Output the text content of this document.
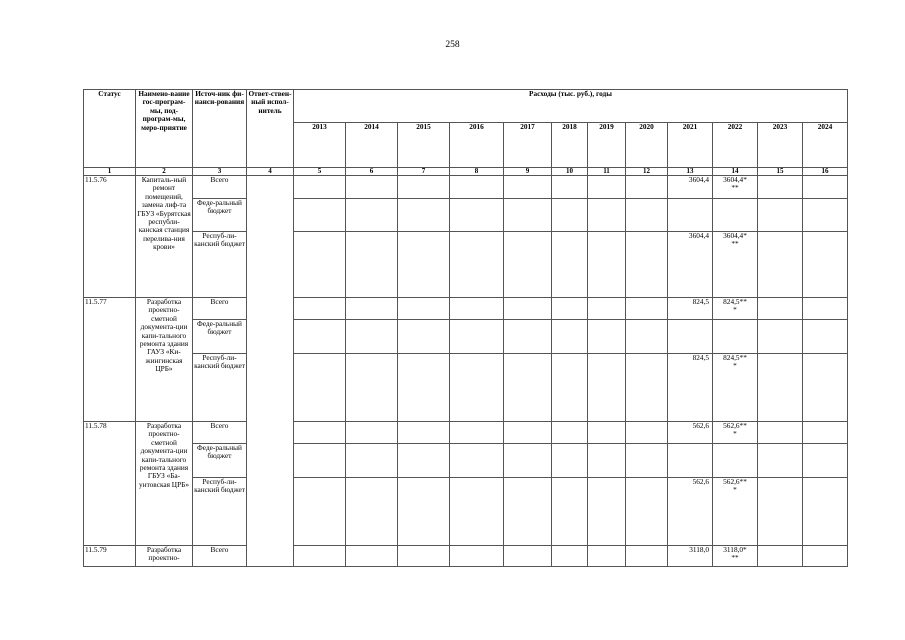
258
Статус	Наимено-вание гос-програм-мы, под-програм-мы, меро-приятие	Источ-ник фи-нанси-рования	Ответ-ствен-ный испол-нитель	Расходы (тыс. руб.), годы											
				2013	2014	2015	2016	2017	2018	2019	2020	2021	2022	2023	2024
1	2	3	4	5	6	7	8	9	10	11	12	13	14	15	16
11.5.76	Капиталь-ный ремонт помещений, замена лиф-та ГБУЗ «Бурятская республи-канская станция перелива-ния крови»	Всего										3604,4	3604,4*
**		
		Феде-ральный бюджет													
		Респуб-ли-канский бюджет										3604,4	3604,4*
**		
11.5.77	Разработка проектно-сметной документа-ции капи-тального ремонта здания ГАУЗ «Ки-жингинская ЦРБ»	Всего										824,5	824,5**
*		
		Феде-ральный бюджет													
		Респуб-ли-канский бюджет										824,5	824,5**
*		
11.5.78	Разработка проектно-сметной документа-ции капи-тального ремонта здания ГБУЗ «Ба-унтовская ЦРБ»	Всего										562,6	562,6**
*		
		Феде-ральный бюджет													
		Респуб-ли-канский бюджет										562,6	562,6**
*		
11.5.79	Разработка проектно-	Всего										3118,0	3118,0*
**		
